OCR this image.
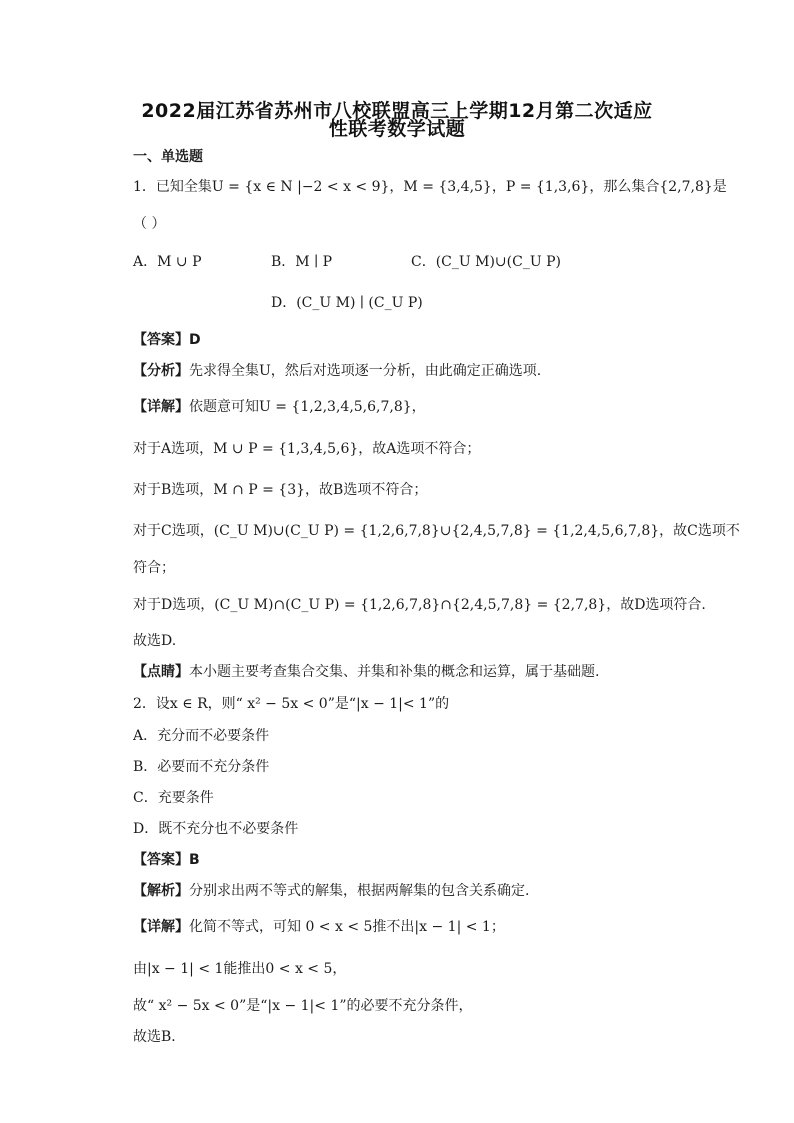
2022届江苏省苏州市八校联盟高三上学期12月第二次适应
性联考数学试题
一、单选题
1．已知全集U = {x ∈ N |−2 < x < 9}，M = {3,4,5}，P = {1,3,6}，那么集合{2,7,8}是
（ ）
A．M ∪ P	B．M ∣ P	C．(C_U M)∪(C_U P)
D．(C_U M) ∣ (C_U P)
【答案】D
【分析】先求得全集U，然后对选项逐一分析，由此确定正确选项.
【详解】依题意可知U = {1,2,3,4,5,6,7,8}，
对于A选项，M ∪ P = {1,3,4,5,6}，故A选项不符合；
对于B选项，M ∩ P = {3}，故B选项不符合；
对于C选项，(C_U M)∪(C_U P) = {1,2,6,7,8}∪{2,4,5,7,8} = {1,2,4,5,6,7,8}，故C选项不
符合；
对于D选项，(C_U M)∩(C_U P) = {1,2,6,7,8}∩{2,4,5,7,8} = {2,7,8}，故D选项符合.
故选D.
【点睛】本小题主要考查集合交集、并集和补集的概念和运算，属于基础题.
2．设x ∈ R，则“ x² − 5x < 0”是“|x − 1|< 1”的
A．充分而不必要条件
B．必要而不充分条件
C．充要条件
D．既不充分也不必要条件
【答案】B
【解析】分别求出两不等式的解集，根据两解集的包含关系确定.
【详解】化简不等式，可知 0 < x < 5推不出|x − 1| < 1；
由|x − 1| < 1能推出0 < x < 5，
故“ x² − 5x < 0”是“|x − 1|< 1”的必要不充分条件，
故选B．
